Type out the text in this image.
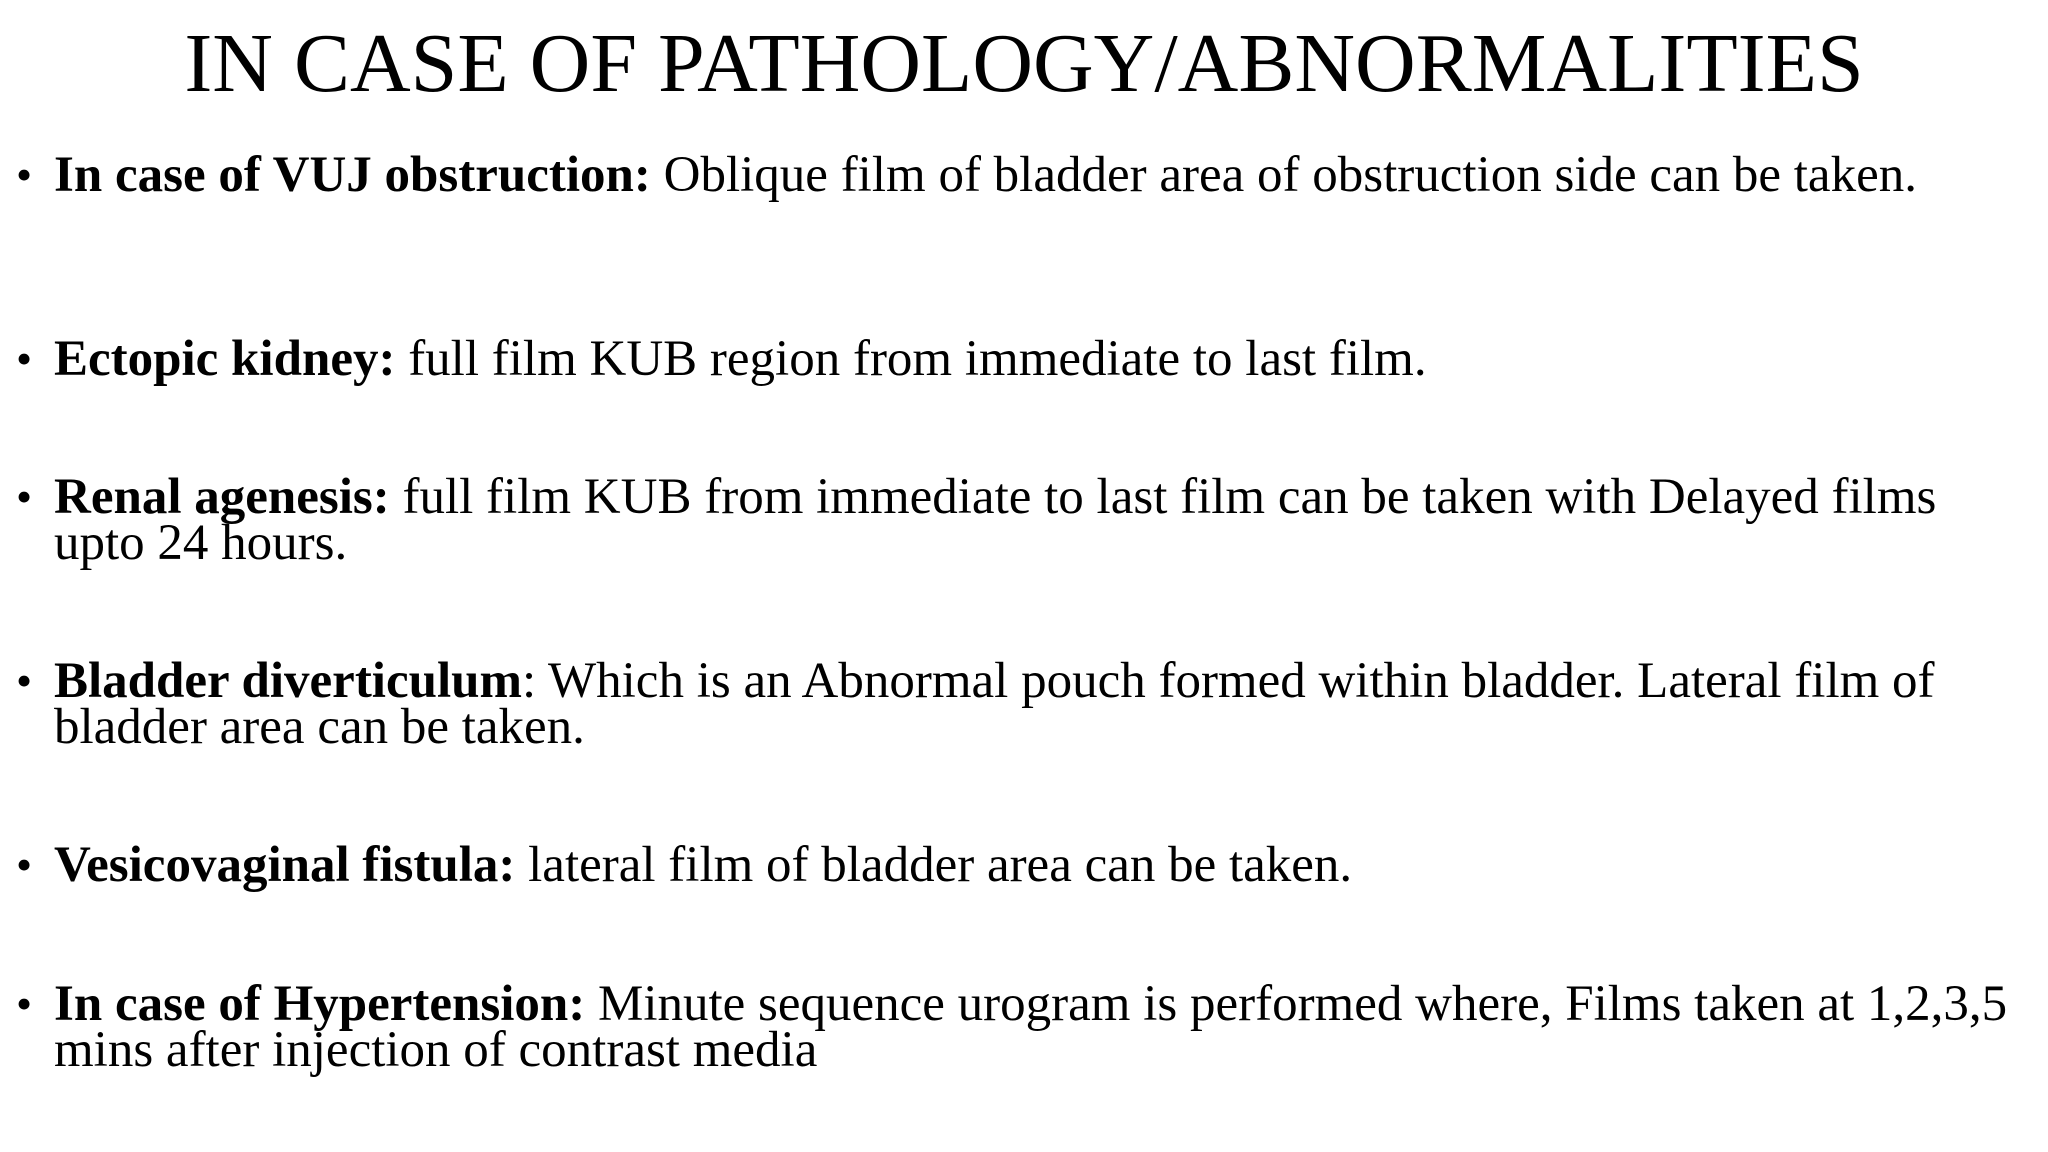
IN CASE OF PATHOLOGY/ABNORMALITIES
• In case of VUJ obstruction: Oblique film of bladder area of obstruction side can be taken.
• Ectopic kidney: full film KUB region from immediate to last film.
• Renal agenesis: full film KUB from immediate to last film can be taken with Delayed films upto 24 hours.
• Bladder diverticulum: Which is an Abnormal pouch formed within bladder. Lateral film of bladder area can be taken.
• Vesicovaginal fistula: lateral film of bladder area can be taken.
• In case of Hypertension: Minute sequence urogram is performed where, Films taken at 1,2,3,5 mins after injection of contrast media
